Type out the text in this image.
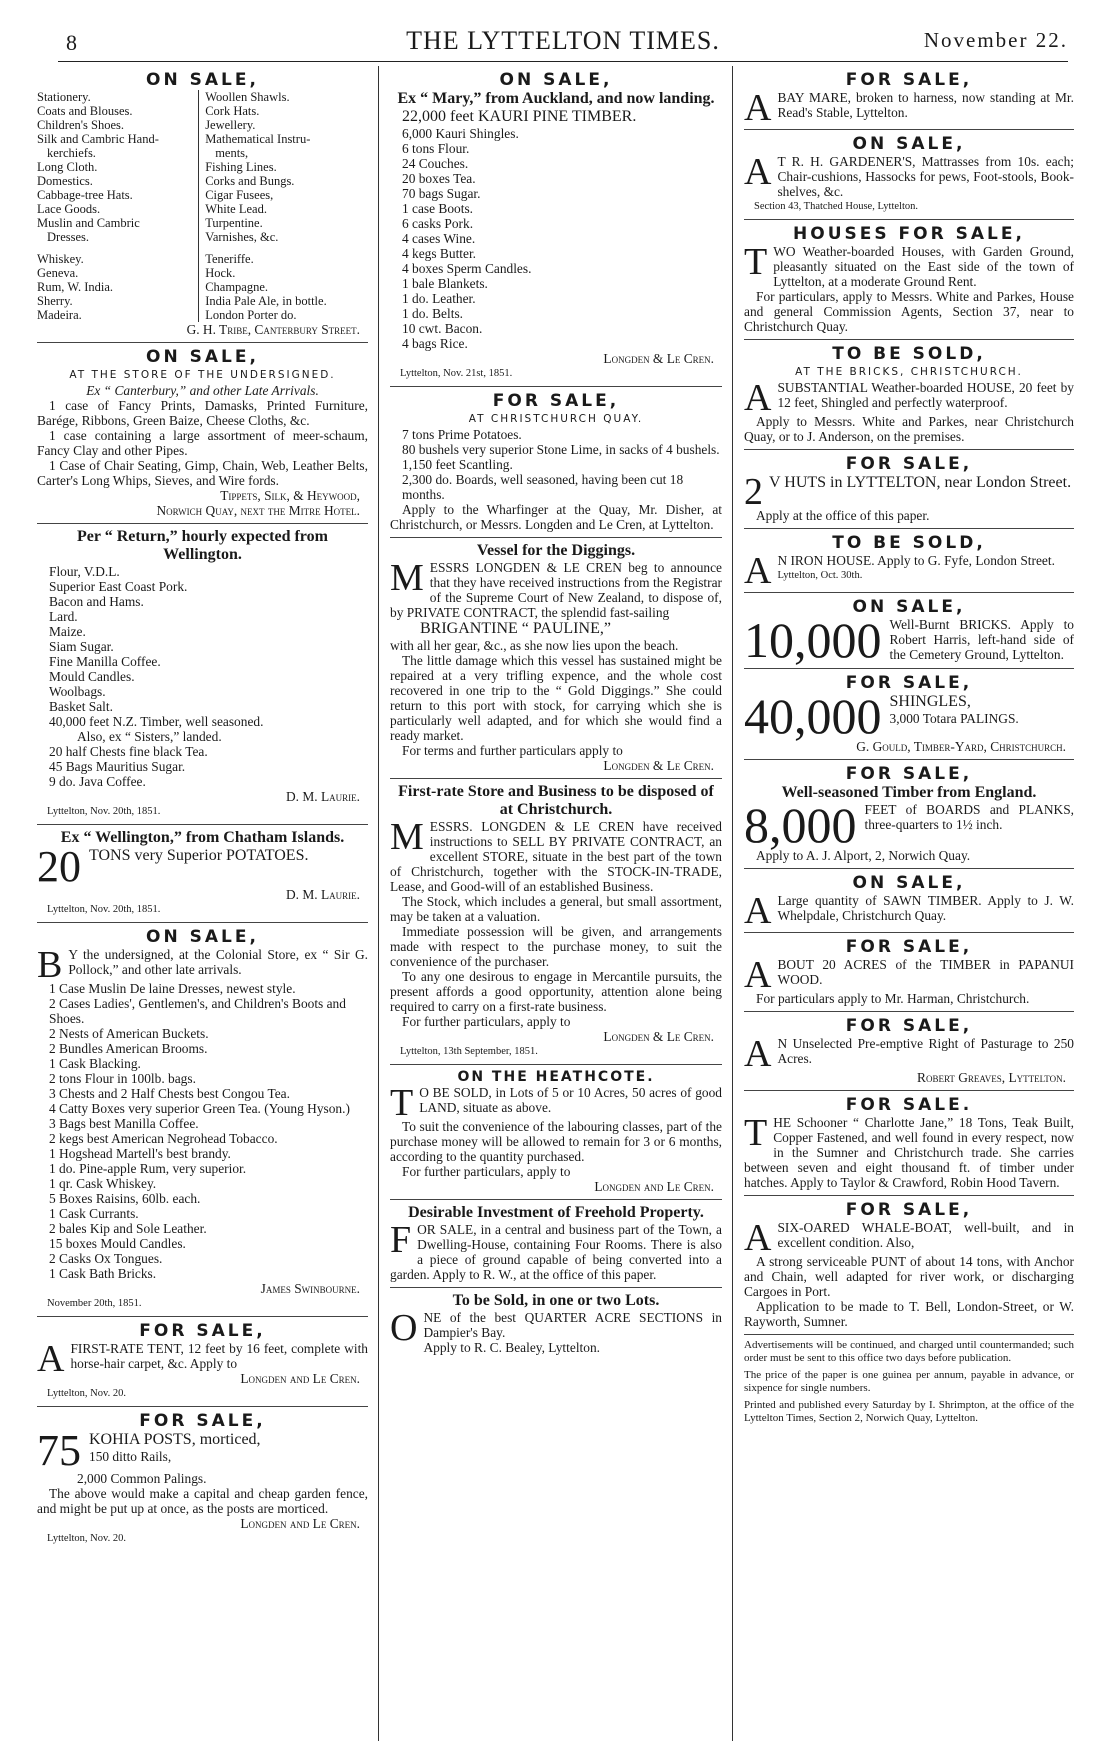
8	THE LYTTELTON TIMES.	November 22.
ON SALE,
Stationery.
Coats and Blouses.
Children's Shoes.
Silk and Cambric Hand-
kerchiefs.
Long Cloth.
Domestics.
Cabbage-tree Hats.
Lace Goods.
Muslin and Cambric
Dresses.
Whiskey.
Geneva.
Rum, W. India.
Sherry.
Madeira.
Woollen Shawls.
Cork Hats.
Jewellery.
Mathematical Instru-
ments,
Fishing Lines.
Corks and Bungs.
Cigar Fusees,
White Lead.
Turpentine.
Varnishes, &c.
Teneriffe.
Hock.
Champagne.
India Pale Ale, in bottle.
London Porter do.
G. H. Tribe, Canterbury Street.
ON SALE,
AT THE STORE OF THE UNDERSIGNED.
Ex “ Canterbury,” and other Late Arrivals.
1 case of Fancy Prints, Damasks, Printed Furniture, Barége, Ribbons, Green Baize, Cheese Cloths, &c.
1 case containing a large assortment of meer-schaum, Fancy Clay and other Pipes.
1 Case of Chair Seating, Gimp, Chain, Web, Leather Belts, Carter's Long Whips, Sieves, and Wire fords.
Tippets, Silk, & Heywood,
Norwich Quay, next the Mitre Hotel.
Per “ Return,” hourly expected from Wellington.
Flour, V.D.L.
Superior East Coast Pork.
Bacon and Hams.
Lard.
Maize.
Siam Sugar.
Fine Manilla Coffee.
Mould Candles.
Woolbags.
Basket Salt.
40,000 feet N.Z. Timber, well seasoned.
Also, ex “ Sisters,” landed.
20 half Chests fine black Tea.
45 Bags Mauritius Sugar.
9 do. Java Coffee.
D. M. Laurie.
Lyttelton, Nov. 20th, 1851.
Ex “ Wellington,” from Chatham Islands.
20 TONS very Superior POTATOES.
D. M. Laurie.
Lyttelton, Nov. 20th, 1851.
ON SALE,
B Y the undersigned, at the Colonial Store, ex “ Sir G. Pollock,” and other late arrivals.
1 Case Muslin De laine Dresses, newest style.
2 Cases Ladies', Gentlemen's, and Children's Boots and Shoes.
2 Nests of American Buckets.
2 Bundles American Brooms.
1 Cask Blacking.
2 tons Flour in 100lb. bags.
3 Chests and 2 Half Chests best Congou Tea.
4 Catty Boxes very superior Green Tea. (Young Hyson.)
3 Bags best Manilla Coffee.
2 kegs best American Negrohead Tobacco.
1 Hogshead Martell's best brandy.
1 do. Pine-apple Rum, very superior.
1 qr. Cask Whiskey.
5 Boxes Raisins, 60lb. each.
1 Cask Currants.
2 bales Kip and Sole Leather.
15 boxes Mould Candles.
2 Casks Ox Tongues.
1 Cask Bath Bricks.
James Swinbourne.
November 20th, 1851.
FOR SALE,
AFIRST-RATE TENT, 12 feet by 16 feet, complete with horse-hair carpet, &c. Apply to
Longden and Le Cren.
Lyttelton, Nov. 20.
FOR SALE,
75 KOHIA POSTS, morticed,
150 ditto Rails,
2,000 Common Palings.
The above would make a capital and cheap garden fence, and might be put up at once, as the posts are morticed.
Longden and Le Cren.
Lyttelton, Nov. 20.
ON SALE,
Ex “ Mary,” from Auckland, and now landing.
22,000 feet KAURI PINE TIMBER.
6,000 Kauri Shingles.
6 tons Flour.
24 Couches.
20 boxes Tea.
70 bags Sugar.
1 case Boots.
6 casks Pork.
4 cases Wine.
4 kegs Butter.
4 boxes Sperm Candles.
1 bale Blankets.
1 do. Leather.
1 do. Belts.
10 cwt. Bacon.
4 bags Rice.
Longden & Le Cren.
Lyttelton, Nov. 21st, 1851.
FOR SALE,
AT CHRISTCHURCH QUAY.
7 tons Prime Potatoes.
80 bushels very superior Stone Lime, in sacks of 4 bushels.
1,150 feet Scantling.
2,300 do. Boards, well seasoned, having been cut 18 months.
Apply to the Wharfinger at the Quay, Mr. Disher, at Christchurch, or Messrs. Longden and Le Cren, at Lyttelton.
Vessel for the Diggings.
MESSRS LONGDEN & LE CREN beg to announce that they have received instructions from the Registrar of the Supreme Court of New Zealand, to dispose of, by PRIVATE CONTRACT, the splendid fast-sailing
BRIGANTINE “ PAULINE,”
with all her gear, &c., as she now lies upon the beach.
The little damage which this vessel has sustained might be repaired at a very trifling expence, and the whole cost recovered in one trip to the “ Gold Diggings.” She could return to this port with stock, for carrying which she is particularly well adapted, and for which she would find a ready market.
For terms and further particulars apply to
Longden & Le Cren.
First-rate Store and Business to be disposed of at Christchurch.
MESSRS. LONGDEN & LE CREN have received instructions to SELL BY PRIVATE CONTRACT, an excellent STORE, situate in the best part of the town of Christchurch, together with the STOCK-IN-TRADE, Lease, and Good-will of an established Business.
The Stock, which includes a general, but small assortment, may be taken at a valuation.
Immediate possession will be given, and arrangements made with respect to the purchase money, to suit the convenience of the purchaser.
To any one desirous to engage in Mercantile pursuits, the present affords a good opportunity, attention alone being required to carry on a first-rate business.
For further particulars, apply to
Longden & Le Cren.
Lyttelton, 13th September, 1851.
ON THE HEATHCOTE.
T O BE SOLD, in Lots of 5 or 10 Acres, 50 acres of good LAND, situate as above.
To suit the convenience of the labouring classes, part of the purchase money will be allowed to remain for 3 or 6 months, according to the quantity purchased.
For further particulars, apply to
Longden and Le Cren.
Desirable Investment of Freehold Property.
FOR SALE, in a central and business part of the Town, a Dwelling-House, containing Four Rooms. There is also a piece of ground capable of being converted into a garden. Apply to R. W., at the office of this paper.
To be Sold, in one or two Lots.
ONE of the best QUARTER ACRE SECTIONS in Dampier's Bay.
Apply to R. C. Bealey, Lyttelton.
FOR SALE,
ABAY MARE, broken to harness, now standing at Mr. Read's Stable, Lyttelton.
ON SALE,
A T R. H. GARDENER'S, Mattrasses from 10s. each; Chair-cushions, Hassocks for pews, Foot-stools, Book-shelves, &c.
Section 43, Thatched House, Lyttelton.
HOUSES FOR SALE,
TWO Weather-boarded Houses, with Garden Ground, pleasantly situated on the East side of the town of Lyttelton, at a moderate Ground Rent.
For particulars, apply to Messrs. White and Parkes, House and general Commission Agents, Section 37, near to Christchurch Quay.
TO BE SOLD,
AT THE BRICKS, CHRISTCHURCH.
ASUBSTANTIAL Weather-boarded HOUSE, 20 feet by 12 feet, Shingled and perfectly waterproof.
Apply to Messrs. White and Parkes, near Christchurch Quay, or to J. Anderson, on the premises.
FOR SALE,
2 V HUTS in LYTTELTON, near London Street.
Apply at the office of this paper.
TO BE SOLD,
A N IRON HOUSE. Apply to G. Fyfe, London Street.
Lyttelton, Oct. 30th.
ON SALE,
10,000 Well-Burnt BRICKS. Apply to Robert Harris, left-hand side of the Cemetery Ground, Lyttelton.
FOR SALE,
40,000 SHINGLES,
3,000 Totara PALINGS.
G. Gould, Timber-Yard, Christchurch.
FOR SALE,
Well-seasoned Timber from England.
8,000 FEET of BOARDS and PLANKS, three-quarters to 1½ inch.
Apply to A. J. Alport, 2, Norwich Quay.
ON SALE,
A Large quantity of SAWN TIMBER. Apply to J. W. Whelpdale, Christchurch Quay.
FOR SALE,
ABOUT 20 ACRES of the TIMBER in PAPANUI WOOD.
For particulars apply to Mr. Harman, Christchurch.
FOR SALE,
A N Unselected Pre-emptive Right of Pasturage to 250 Acres.
Robert Greaves, Lyttelton.
FOR SALE.
THE Schooner “ Charlotte Jane,” 18 Tons, Teak Built, Copper Fastened, and well found in every respect, now in the Sumner and Christchurch trade. She carries between seven and eight thousand ft. of timber under hatches. Apply to Taylor & Crawford, Robin Hood Tavern.
FOR SALE,
ASIX-OARED WHALE-BOAT, well-built, and in excellent condition. Also,
A strong serviceable PUNT of about 14 tons, with Anchor and Chain, well adapted for river work, or discharging Cargoes in Port.
Application to be made to T. Bell, London-Street, or W. Rayworth, Sumner.
Advertisements will be continued, and charged until countermanded; such order must be sent to this office two days before publication.
The price of the paper is one guinea per annum, payable in advance, or sixpence for single numbers.
Printed and published every Saturday by I. Shrimpton, at the office of the Lyttelton Times, Section 2, Norwich Quay, Lyttelton.
